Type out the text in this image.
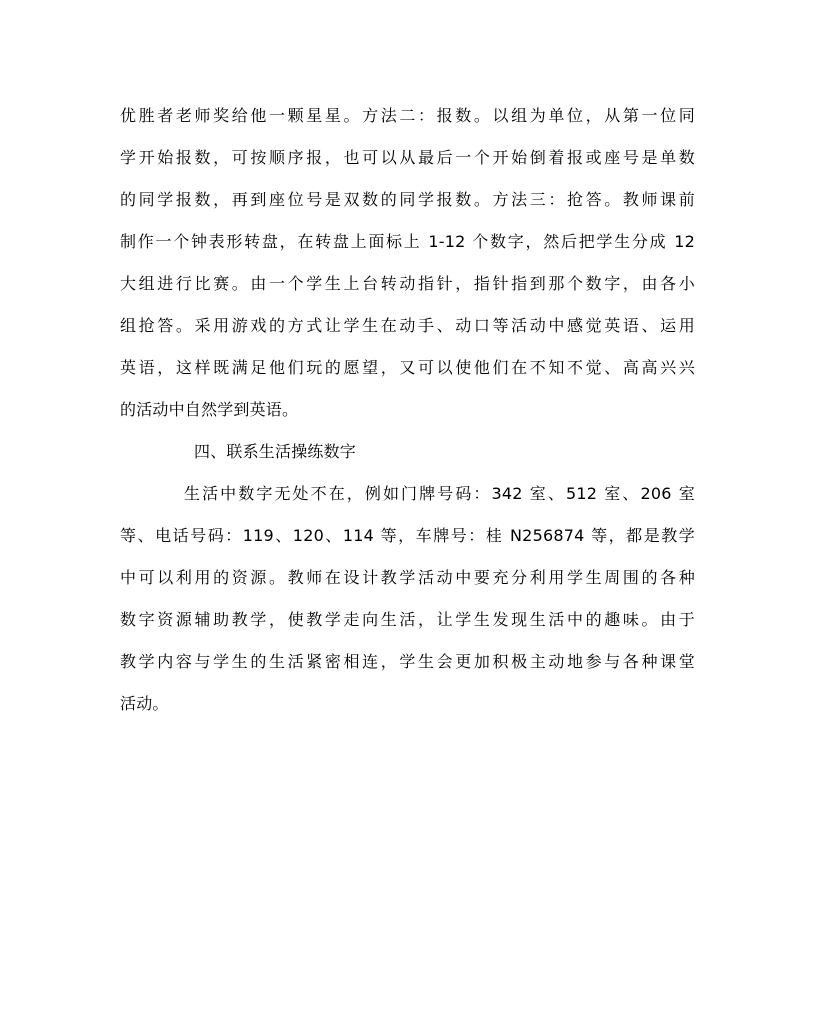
优胜者老师奖给他一颗星星。方法二：报数。以组为单位，从第一位同
学开始报数，可按顺序报，也可以从最后一个开始倒着报或座号是单数
的同学报数，再到座位号是双数的同学报数。方法三：抢答。教师课前
制作一个钟表形转盘，在转盘上面标上 1-12 个数字，然后把学生分成 12
大组进行比赛。由一个学生上台转动指针，指针指到那个数字，由各小
组抢答。采用游戏的方式让学生在动手、动口等活动中感觉英语、运用
英语，这样既满足他们玩的愿望，又可以使他们在不知不觉、高高兴兴
的活动中自然学到英语。
四、联系生活操练数字
生活中数字无处不在，例如门牌号码：342 室、512 室、206 室
等、电话号码：119、120、114 等，车牌号：桂 N256874 等，都是教学
中可以利用的资源。教师在设计教学活动中要充分利用学生周围的各种
数字资源辅助教学，使教学走向生活，让学生发现生活中的趣味。由于
教学内容与学生的生活紧密相连，学生会更加积极主动地参与各种课堂
活动。
